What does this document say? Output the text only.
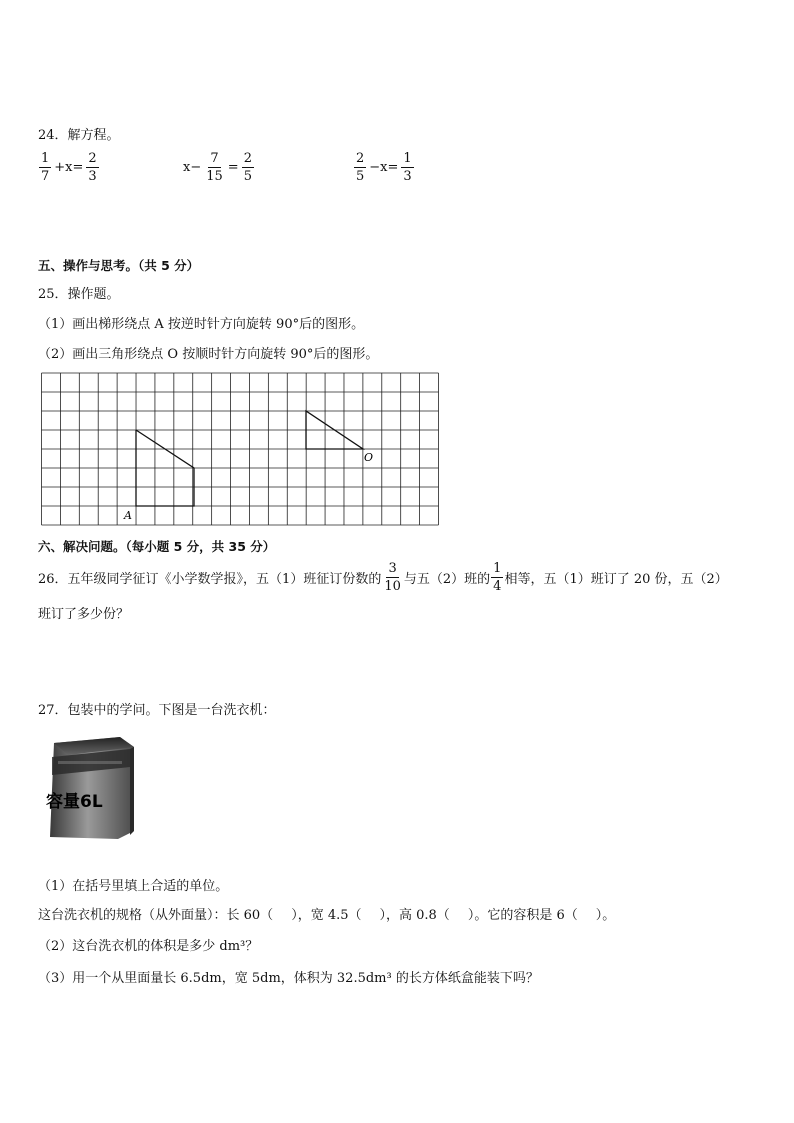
24．解方程。
$\frac{1}{7} +x= \frac{2}{3}$	$x- \frac{7}{15} = \frac{2}{5}$	$\frac{2}{5} -x= \frac{1}{3}$
五、操作与思考。（共 5 分）
25．操作题。
（1）画出梯形绕点 A 按逆时针方向旋转 90°后的图形。
（2）画出三角形绕点 O 按顺时针方向旋转 90°后的图形。
A
O
六、解决问题。（每小题 5 分，共 35 分）
26．五年级同学征订《小学数学报》，五（1）班征订份数的 $\frac{3}{10}$ 与五（2）班的 $\frac{1}{4}$ 相等，五（1）班订了 20 份，五（2）
班订了多少份？
27．包装中的学问。下图是一台洗衣机：
容量6L
（1）在括号里填上合适的单位。
这台洗衣机的规格（从外面量）：长 60（ ），宽 4.5（ ），高 0.8（ ）。它的容积是 6（ ）。
（2）这台洗衣机的体积是多少 dm³？
（3）用一个从里面量长 6.5dm，宽 5dm，体积为 32.5dm³ 的长方体纸盒能装下吗？
